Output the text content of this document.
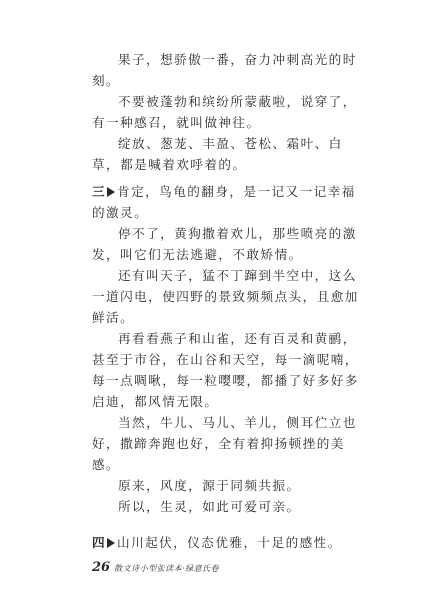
果子，想骄傲一番，奋力冲刺高光的时
刻。
不要被蓬勃和缤纷所蒙蔽啦，说穿了，
有一种感召，就叫做神往。
绽放、葱茏、丰盈、苍松、霜叶、白
草，都是喊着欢呼着的。
三 肯定，鸟龟的翻身，是一记又一记幸福
的激灵。
停不了，黄狗撒着欢儿，那些喷亮的激
发，叫它们无法逃避，不敢矫情。
还有叫天子，猛不丁蹿到半空中，这么
一道闪电，使四野的景致频频点头，且愈加
鲜活。
再看看燕子和山雀，还有百灵和黄鹂，
甚至于市谷，在山谷和天空，每一滴呢喃，
每一点啁啾，每一粒嘤嘤，都播了好多好多
启迪，都风情无限。
当然，牛儿、马儿、羊儿，侧耳伫立也
好，撒蹄奔跑也好，全有着抑扬顿挫的美
感。
原来，风度，源于同频共振。
所以，生灵，如此可爱可亲。
四 山川起伏，仪态优雅，十足的感性。
26 散文诗小型张读本·绿意氏卷
